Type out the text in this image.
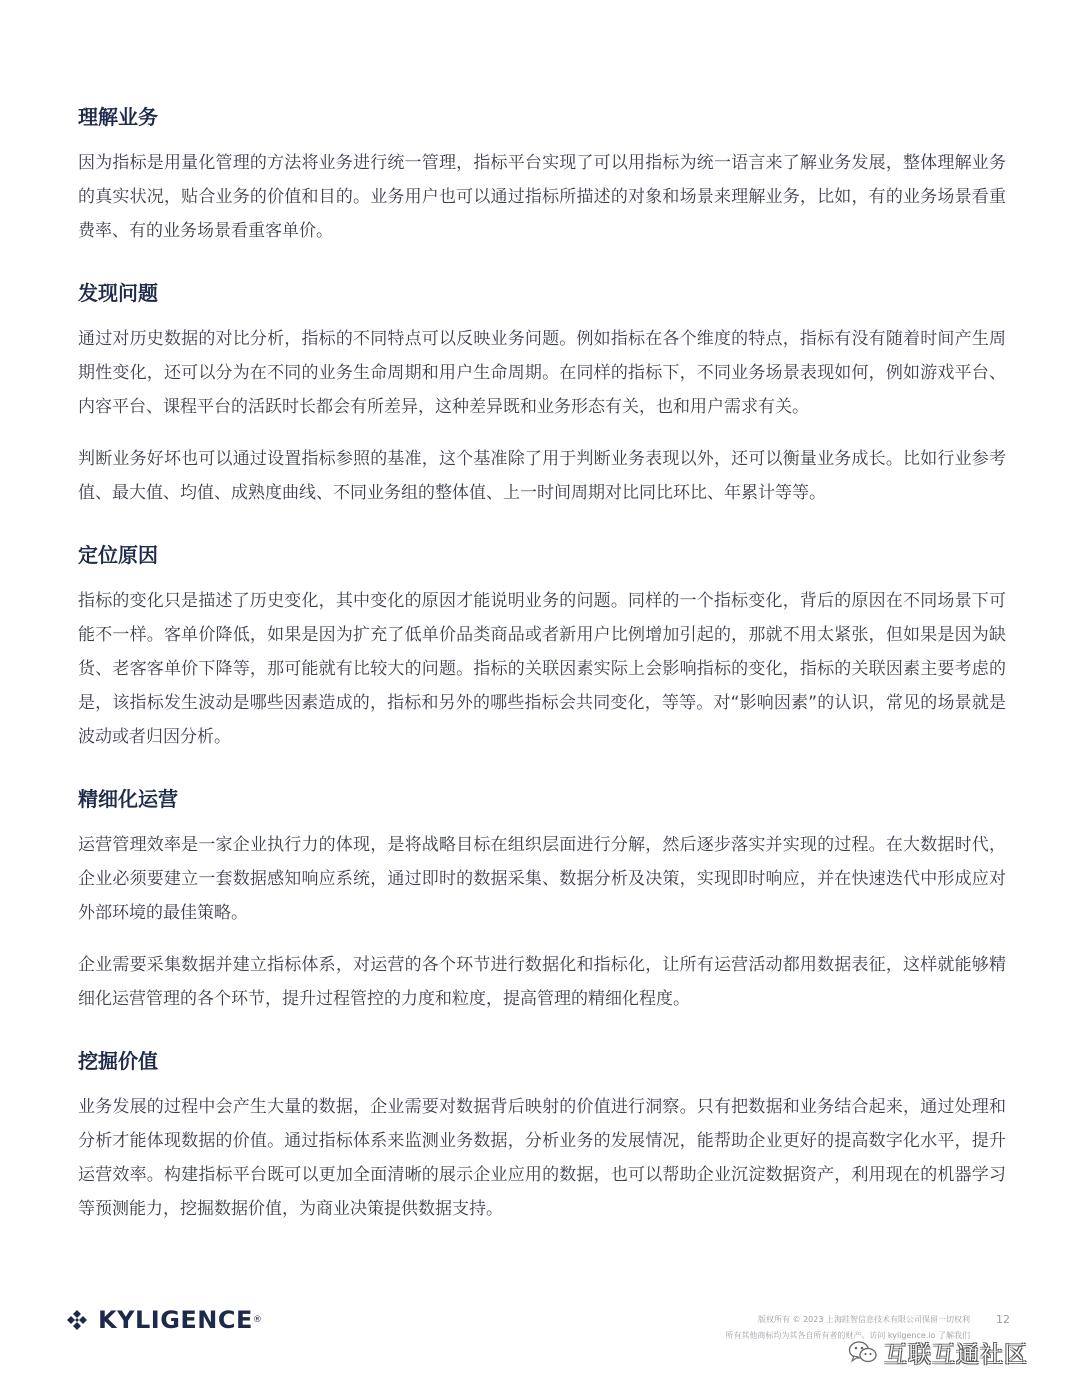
理解业务

因为指标是用量化管理的方法将业务进行统一管理，指标平台实现了可以用指标为统一语言来了解业务发展，整体理解业务的真实状况，贴合业务的价值和目的。业务用户也可以通过指标所描述的对象和场景来理解业务，比如，有的业务场景看重费率、有的业务场景看重客单价。

发现问题

通过对历史数据的对比分析，指标的不同特点可以反映业务问题。例如指标在各个维度的特点，指标有没有随着时间产生周期性变化，还可以分为在不同的业务生命周期和用户生命周期。在同样的指标下，不同业务场景表现如何，例如游戏平台、内容平台、课程平台的活跃时长都会有所差异，这种差异既和业务形态有关，也和用户需求有关。

判断业务好坏也可以通过设置指标参照的基准，这个基准除了用于判断业务表现以外，还可以衡量业务成长。比如行业参考值、最大值、均值、成熟度曲线、不同业务组的整体值、上一时间周期对比同比环比、年累计等等。

定位原因

指标的变化只是描述了历史变化，其中变化的原因才能说明业务的问题。同样的一个指标变化，背后的原因在不同场景下可能不一样。客单价降低，如果是因为扩充了低单价品类商品或者新用户比例增加引起的，那就不用太紧张，但如果是因为缺货、老客客单价下降等，那可能就有比较大的问题。指标的关联因素实际上会影响指标的变化，指标的关联因素主要考虑的是，该指标发生波动是哪些因素造成的，指标和另外的哪些指标会共同变化，等等。对“影响因素”的认识，常见的场景就是波动或者归因分析。

精细化运营

运营管理效率是一家企业执行力的体现，是将战略目标在组织层面进行分解，然后逐步落实并实现的过程。在大数据时代，企业必须要建立一套数据感知响应系统，通过即时的数据采集、数据分析及决策，实现即时响应，并在快速迭代中形成应对外部环境的最佳策略。

企业需要采集数据并建立指标体系，对运营的各个环节进行数据化和指标化，让所有运营活动都用数据表征，这样就能够精细化运营管理的各个环节，提升过程管控的力度和粒度，提高管理的精细化程度。

挖掘价值

业务发展的过程中会产生大量的数据，企业需要对数据背后映射的价值进行洞察。只有把数据和业务结合起来，通过处理和分析才能体现数据的价值。通过指标体系来监测业务数据，分析业务的发展情况，能帮助企业更好的提高数字化水平，提升运营效率。构建指标平台既可以更加全面清晰的展示企业应用的数据，也可以帮助企业沉淀数据资产，利用现在的机器学习等预测能力，挖掘数据价值，为商业决策提供数据支持。

KYLIGENCE ®	版权所有 © 2023 上海跬智信息技术有限公司保留一切权利
所有其他商标均为其各自所有者的财产。访问 kyligence.io 了解我们
12
互联互通社区
